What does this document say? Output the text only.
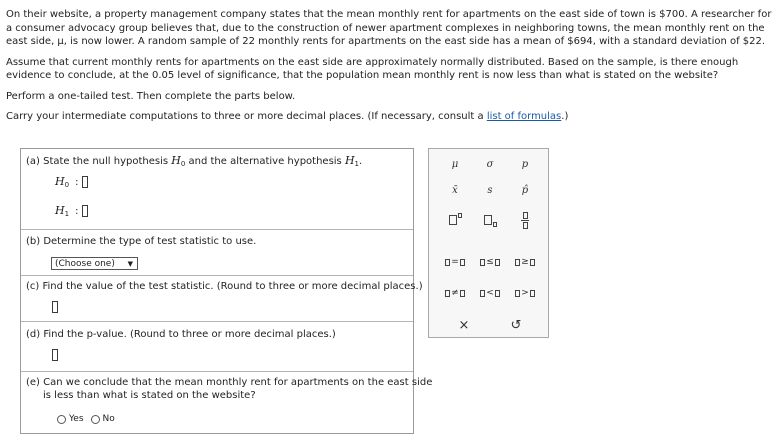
On their website, a property management company states that the mean monthly rent for apartments on the east side of town is $700. A researcher for a consumer advocacy group believes that, due to the construction of newer apartment complexes in neighboring towns, the mean monthly rent on the east side, μ, is now lower. A random sample of 22 monthly rents for apartments on the east side has a mean of $694, with a standard deviation of $22.

Assume that current monthly rents for apartments on the east side are approximately normally distributed. Based on the sample, is there enough evidence to conclude, at the 0.05 level of significance, that the population mean monthly rent is now less than what is stated on the website?

Perform a one-tailed test. Then complete the parts below.

Carry your intermediate computations to three or more decimal places. (If necessary, consult a list of formulas.)

(a) State the null hypothesis $H_0$ and the alternative hypothesis $H_1$.
$H_0$ :
$H_1$ :
(b) Determine the type of test statistic to use.
(Choose one) ▼
(c) Find the value of the test statistic. (Round to three or more decimal places.)
(d) Find the p-value. (Round to three or more decimal places.)
(e) Can we conclude that the mean monthly rent for apartments on the east side
is less than what is stated on the website?
Yes No
μ	σ	p
x̄	s	p̂
=	≤	≥
≠	<	>
×	↺
